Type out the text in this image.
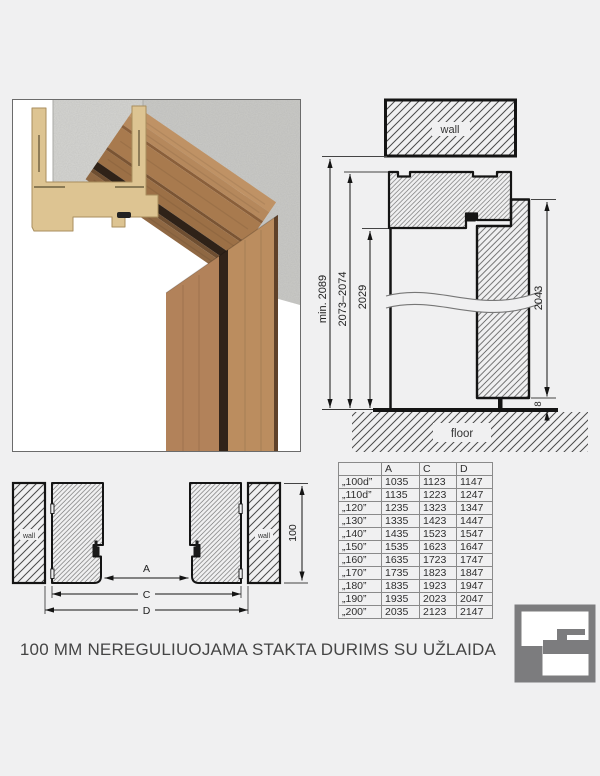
wall
floor
min. 2089 2073–2074 2029	2043
8
wall	wall
A
C
D
100
	A	C	D
„100d”	1035	1123	1147
„110d”	1135	1223	1247
„120”	1235	1323	1347
„130”	1335	1423	1447
„140”	1435	1523	1547
„150”	1535	1623	1647
„160”	1635	1723	1747
„170”	1735	1823	1847
„180”	1835	1923	1947
„190”	1935	2023	2047
„200”	2035	2123	2147
100 MM NEREGULIUOJAMA STAKTA DURIMS SU UŽLAIDA
